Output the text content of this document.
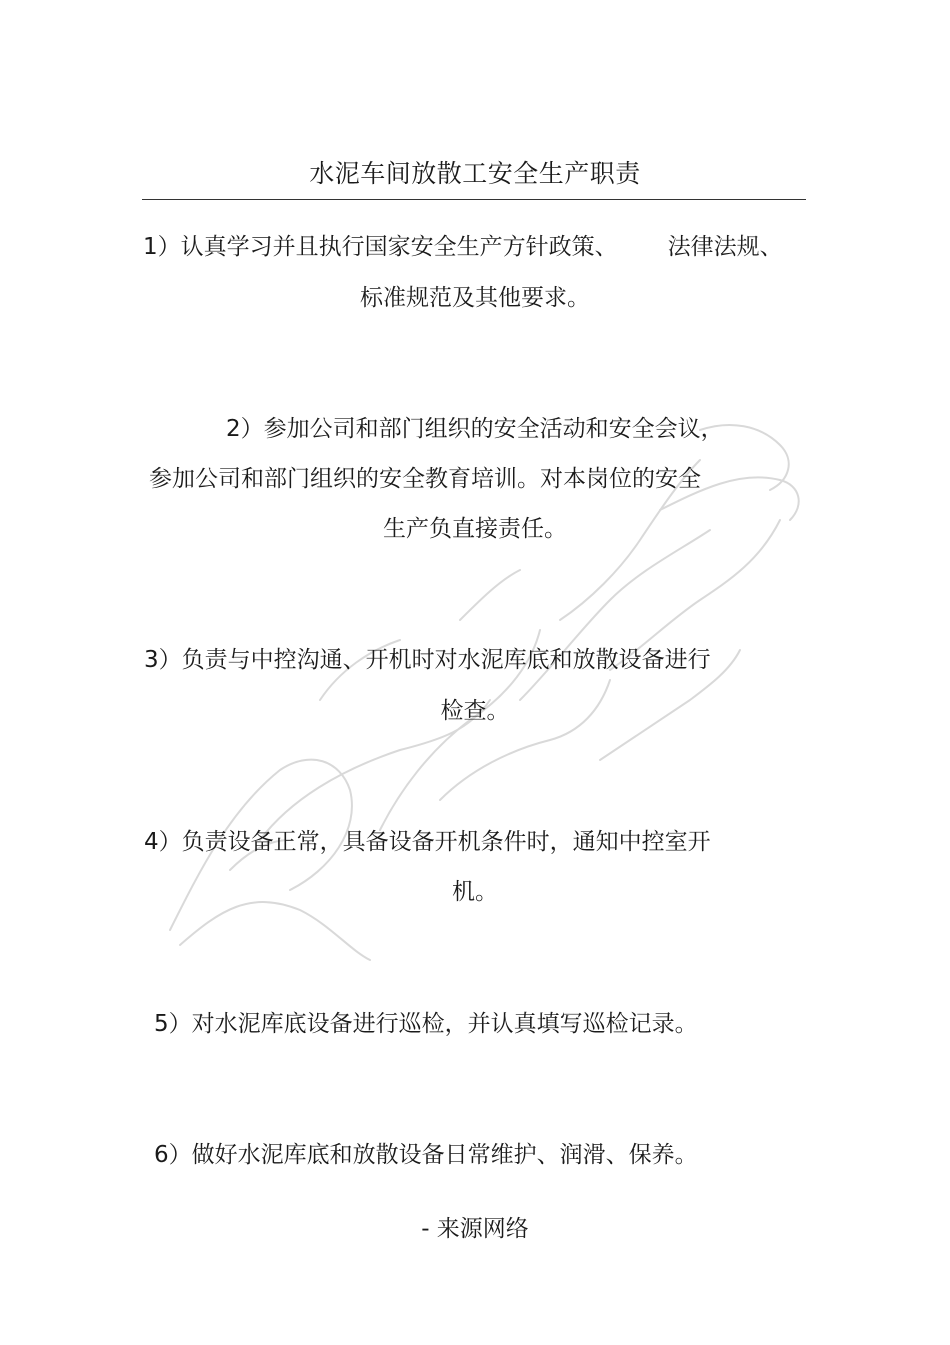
水泥车间放散工安全生产职责
1）认真学习并且执行国家安全生产方针政策、 法律法规、
标准规范及其他要求。
2）参加公司和部门组织的安全活动和安全会议，
参加公司和部门组织的安全教育培训。对本岗位的安全
生产负直接责任。
3）负责与中控沟通、开机时对水泥库底和放散设备进行
检查。
4）负责设备正常，具备设备开机条件时，通知中控室开
机。
5）对水泥库底设备进行巡检，并认真填写巡检记录。
6）做好水泥库底和放散设备日常维护、润滑、保养。
- 来源网络
